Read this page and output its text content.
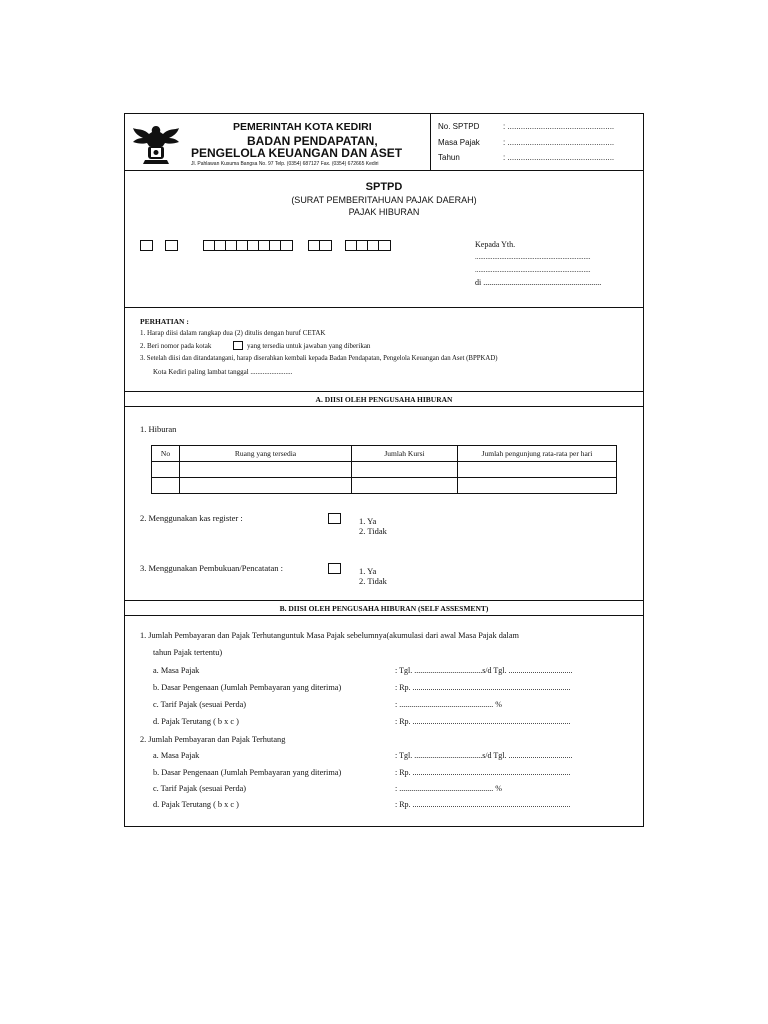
PEMERINTAH KOTA KEDIRI
BADAN PENDAPATAN,
PENGELOLA KEUANGAN DAN ASET
Jl. Pahlawan Kusuma Bangsa No. 97 Telp. (0354) 687127 Fax. (0354) 672665 Kediri
No. SPTPD	: ................................................
Masa Pajak	: ................................................
Tahun	: ................................................
SPTPD
(SURAT PEMBERITAHUAN PAJAK DAERAH)
PAJAK HIBURAN
Kepada Yth.
..................................................................
..................................................................
di ...........................................................
PERHATIAN :
1. Harap diisi dalam rangkap dua (2) ditulis dengan huruf CETAK
2. Beri nomor pada kotak	yang tersedia untuk jawaban yang diberikan
3. Setelah diisi dan ditandatangani, harap diserahkan kembali kepada Badan Pendapatan, Pengelola Keuangan dan Aset (BPPKAD)
Kota Kediri paling lambat tanggal ........................
A. DIISI OLEH PENGUSAHA HIBURAN
1. Hiburan
No	Ruang yang tersedia	Jumlah Kursi	Jumlah pengunjung rata-rata per hari

2. Menggunakan kas register :	1. Ya
2. Tidak
3. Menggunakan Pembukuan/Pencatatan :	1. Ya
2. Tidak
B. DIISI OLEH PENGUSAHA HIBURAN (SELF ASSESMENT)
1. Jumlah Pembayaran dan Pajak Terhutanguntuk Masa Pajak sebelumnya(akumulasi dari awal Masa Pajak dalam
tahun Pajak tertentu)
a. Masa Pajak	: Tgl. ..................................s/d Tgl. ................................
b. Dasar Pengenaan (Jumlah Pembayaran yang diterima)	: Rp. ...............................................................................
c. Tarif Pajak (sesuai Perda)	: ............................................... %
d. Pajak Terutang ( b x c )	: Rp. ...............................................................................
2. Jumlah Pembayaran dan Pajak Terhutang
a. Masa Pajak	: Tgl. ..................................s/d Tgl. ................................
b. Dasar Pengenaan (Jumlah Pembayaran yang diterima)	: Rp. ...............................................................................
c. Tarif Pajak (sesuai Perda)	: ............................................... %
d. Pajak Terutang ( b x c )	: Rp. ...............................................................................
